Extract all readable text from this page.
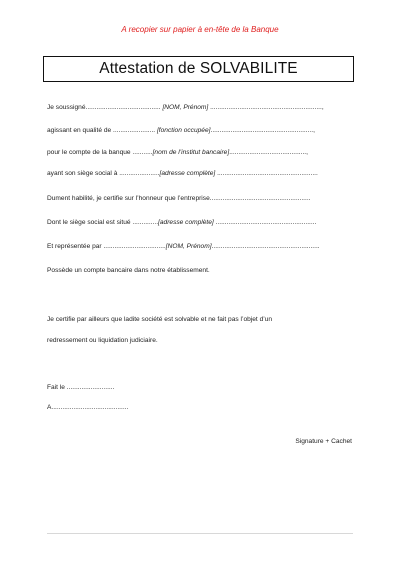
A recopier sur papier à en-tête de la Banque
Attestation de SOLVABILITE
Je soussigné......................................... [NOM, Prénom] .............................................................,
agissant en qualité de ....................... [fonction occupée]........................................................,
pour le compte de la banque ...........[nom de l’institut bancaire]..........................................,
ayant son siège social à ......................[adresse complète] .......................................................
Dument habilité, je certifie sur l’honneur que l’entreprise.......................................................
Dont le siège social est situé ..............[adresse complète] .......................................................
Et représentée par ..................................[NOM, Prénom]...........................................................
Possède un compte bancaire dans notre établissement.
Je certifie par ailleurs que ladite société est solvable et ne fait pas l’objet d’un
redressement ou liquidation judiciaire.
Fait le ..........................
A..........................................
Signature + Cachet
